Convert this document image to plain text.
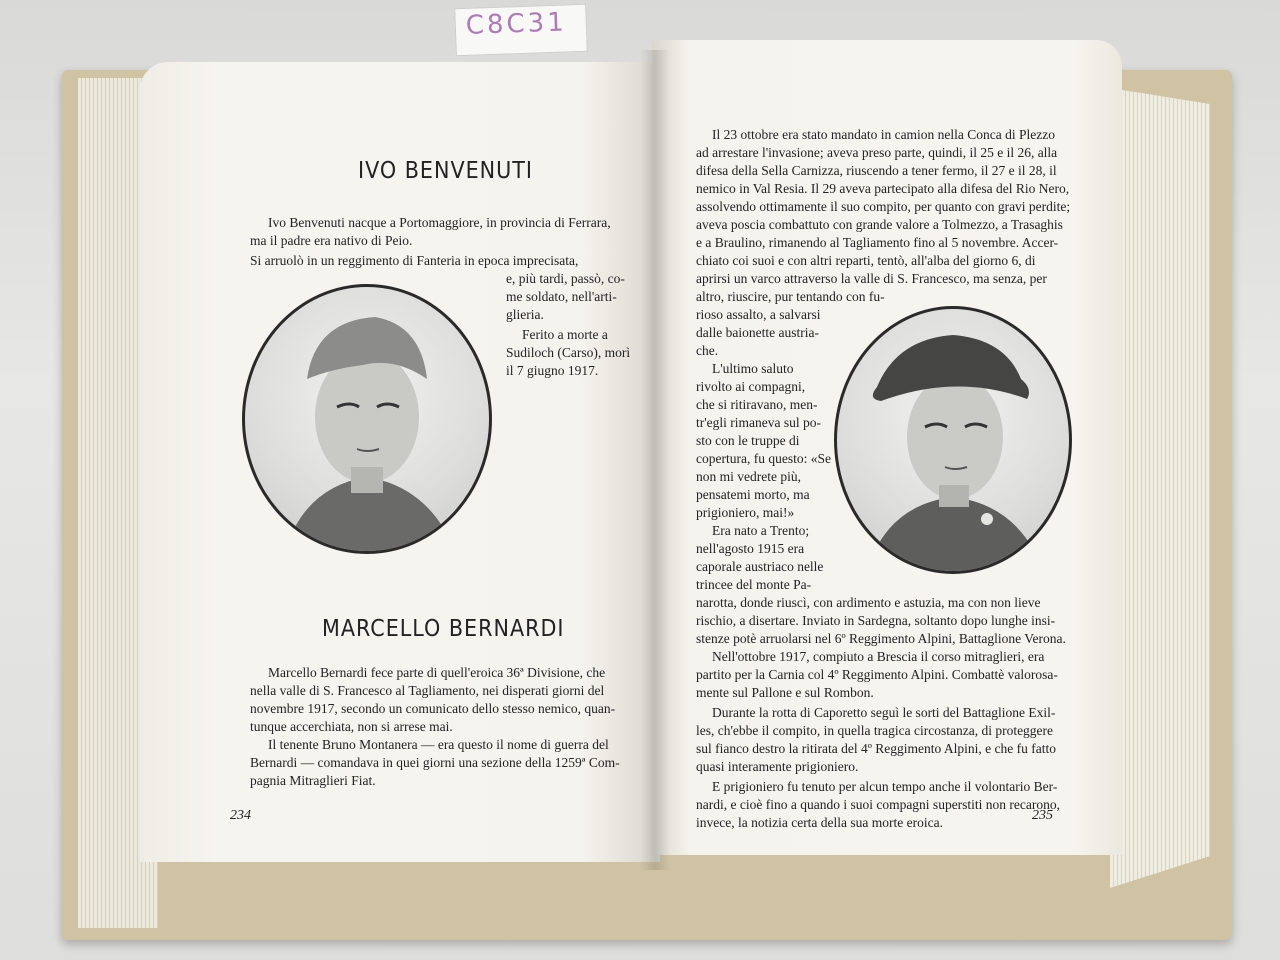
C8C31
IVO BENVENUTI
Ivo Benvenuti nacque a Portomaggiore, in provincia di Ferrara,
ma il padre era nativo di Peio.
Si arruolò in un reggimento di Fanteria in epoca imprecisata,
e, più tardi, passò, co-
me soldato, nell'arti-
glieria.
Ferito a morte a
Sudiloch (Carso), morì
il 7 giugno 1917.
MARCELLO BERNARDI
Marcello Bernardi fece parte di quell'eroica 36ª Divisione, che
nella valle di S. Francesco al Tagliamento, nei disperati giorni del
novembre 1917, secondo un comunicato dello stesso nemico, quan-
tunque accerchiata, non si arrese mai.
Il tenente Bruno Montanera — era questo il nome di guerra del
Bernardi — comandava in quei giorni una sezione della 1259ª Com-
pagnia Mitraglieri Fiat.
234
Il 23 ottobre era stato mandato in camion nella Conca di Plezzo
ad arrestare l'invasione; aveva preso parte, quindi, il 25 e il 26, alla
difesa della Sella Carnizza, riuscendo a tener fermo, il 27 e il 28, il
nemico in Val Resia. Il 29 aveva partecipato alla difesa del Rio Nero,
assolvendo ottimamente il suo compito, per quanto con gravi perdite;
aveva poscia combattuto con grande valore a Tolmezzo, a Trasaghis
e a Braulino, rimanendo al Tagliamento fino al 5 novembre. Accer-
chiato coi suoi e con altri reparti, tentò, all'alba del giorno 6, di
aprirsi un varco attraverso la valle di S. Francesco, ma senza, per
altro, riuscire, pur tentando con fu-
rioso assalto, a salvarsi
dalle baionette austria-
che.
L'ultimo saluto
rivolto ai compagni,
che si ritiravano, men-
tr'egli rimaneva sul po-
sto con le truppe di
copertura, fu questo: «Se
non mi vedrete più,
pensatemi morto, ma
prigioniero, mai!»
Era nato a Trento;
nell'agosto 1915 era
caporale austriaco nelle
trincee del monte Pa-
narotta, donde riuscì, con ardimento e astuzia, ma con non lieve
rischio, a disertare. Inviato in Sardegna, soltanto dopo lunghe insi-
stenze potè arruolarsi nel 6º Reggimento Alpini, Battaglione Verona.
Nell'ottobre 1917, compiuto a Brescia il corso mitraglieri, era
partito per la Carnia col 4º Reggimento Alpini. Combattè valorosa-
mente sul Pallone e sul Rombon.
Durante la rotta di Caporetto seguì le sorti del Battaglione Exil-
les, ch'ebbe il compito, in quella tragica circostanza, di proteggere
sul fianco destro la ritirata del 4º Reggimento Alpini, e che fu fatto
quasi interamente prigioniero.
E prigioniero fu tenuto per alcun tempo anche il volontario Ber-
nardi, e cioè fino a quando i suoi compagni superstiti non recarono,
invece, la notizia certa della sua morte eroica.	235
